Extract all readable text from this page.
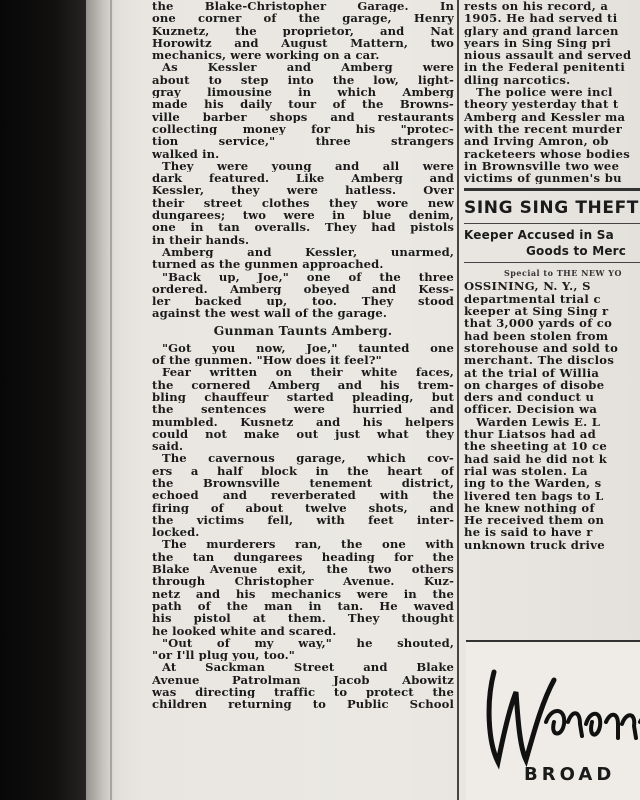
the	Blake-Christopher	Garage.	In
one corner of the garage, Henry
Kuznetz, the proprietor, and Nat
Horowitz and August Mattern, two
mechanics, were working on a car.
As	Kessler	and	Amberg	were
about to step into the low, light-
gray limousine in which Amberg
made his daily tour of the Browns-
ville barber shops and restaurants
collecting money for his "protec-
tion	service,"	three	strangers
walked in.
They were young and all were
dark featured. Like Amberg and
Kessler, they were hatless. Over
their street clothes they wore new
dungarees; two were in blue denim,
one in tan overalls. They had pistols
in their hands.
Amberg	and	Kessler,	unarmed,
turned as the gunmen approached.
"Back up, Joe," one of the three
ordered. Amberg obeyed and Kess-
ler backed up, too. They stood
against the west wall of the garage.
Gunman Taunts Amberg.
"Got you now, Joe," taunted one
of the gunmen. "How does it feel?"
Fear written on their white faces,
the cornered Amberg and his trem-
bling chauffeur started pleading, but
the sentences were hurried and
mumbled. Kusnetz and his helpers
could not make out just what they
said.
The cavernous garage, which cov-
ers a half block in the heart of
the	Brownsville	tenement	district,
echoed and reverberated with the
firing of about twelve shots, and
the victims fell, with feet inter-
locked.
The murderers ran, the one with
the tan dungarees heading for the
Blake Avenue exit, the two others
through	Christopher	Avenue.	Kuz-
netz and his mechanics were in the
path of the man in tan. He waved
his pistol at them. They thought
he looked white and scared.
"Out of my way," he shouted,
"or I'll plug you, too."
At Sackman Street and Blake
Avenue	Patrolman	Jacob	Abowitz
was directing traffic to protect the
children returning to Public School
rests on his record, a
1905. He had served ti
glary and grand larcen
years in Sing Sing pri
nious assault and served
in the Federal penitenti
dling narcotics.
The police were incl
theory yesterday that t
Amberg and Kessler ma
with the recent murder
and Irving Amron, ob
racketeers whose bodies
in Brownsville two wee
victims of gunmen's bu
SING SING THEFT
Keeper Accused in Sa
Goods to Merc
Special to THE NEW YO
OSSINING, N. Y., S
departmental trial c
keeper at Sing Sing r
that 3,000 yards of co
had been stolen from
storehouse and sold to
merchant. The disclos
at the trial of Willia
on charges of disobe
ders and conduct u
officer. Decision wa
Warden Lewis E. L
thur Liatsos had ad
the sheeting at 10 ce
had said he did not k
rial was stolen. La
ing to the Warden, s
livered ten bags to L
he knew nothing of
He received them on
he is said to have r
unknown truck drive
BROAD
